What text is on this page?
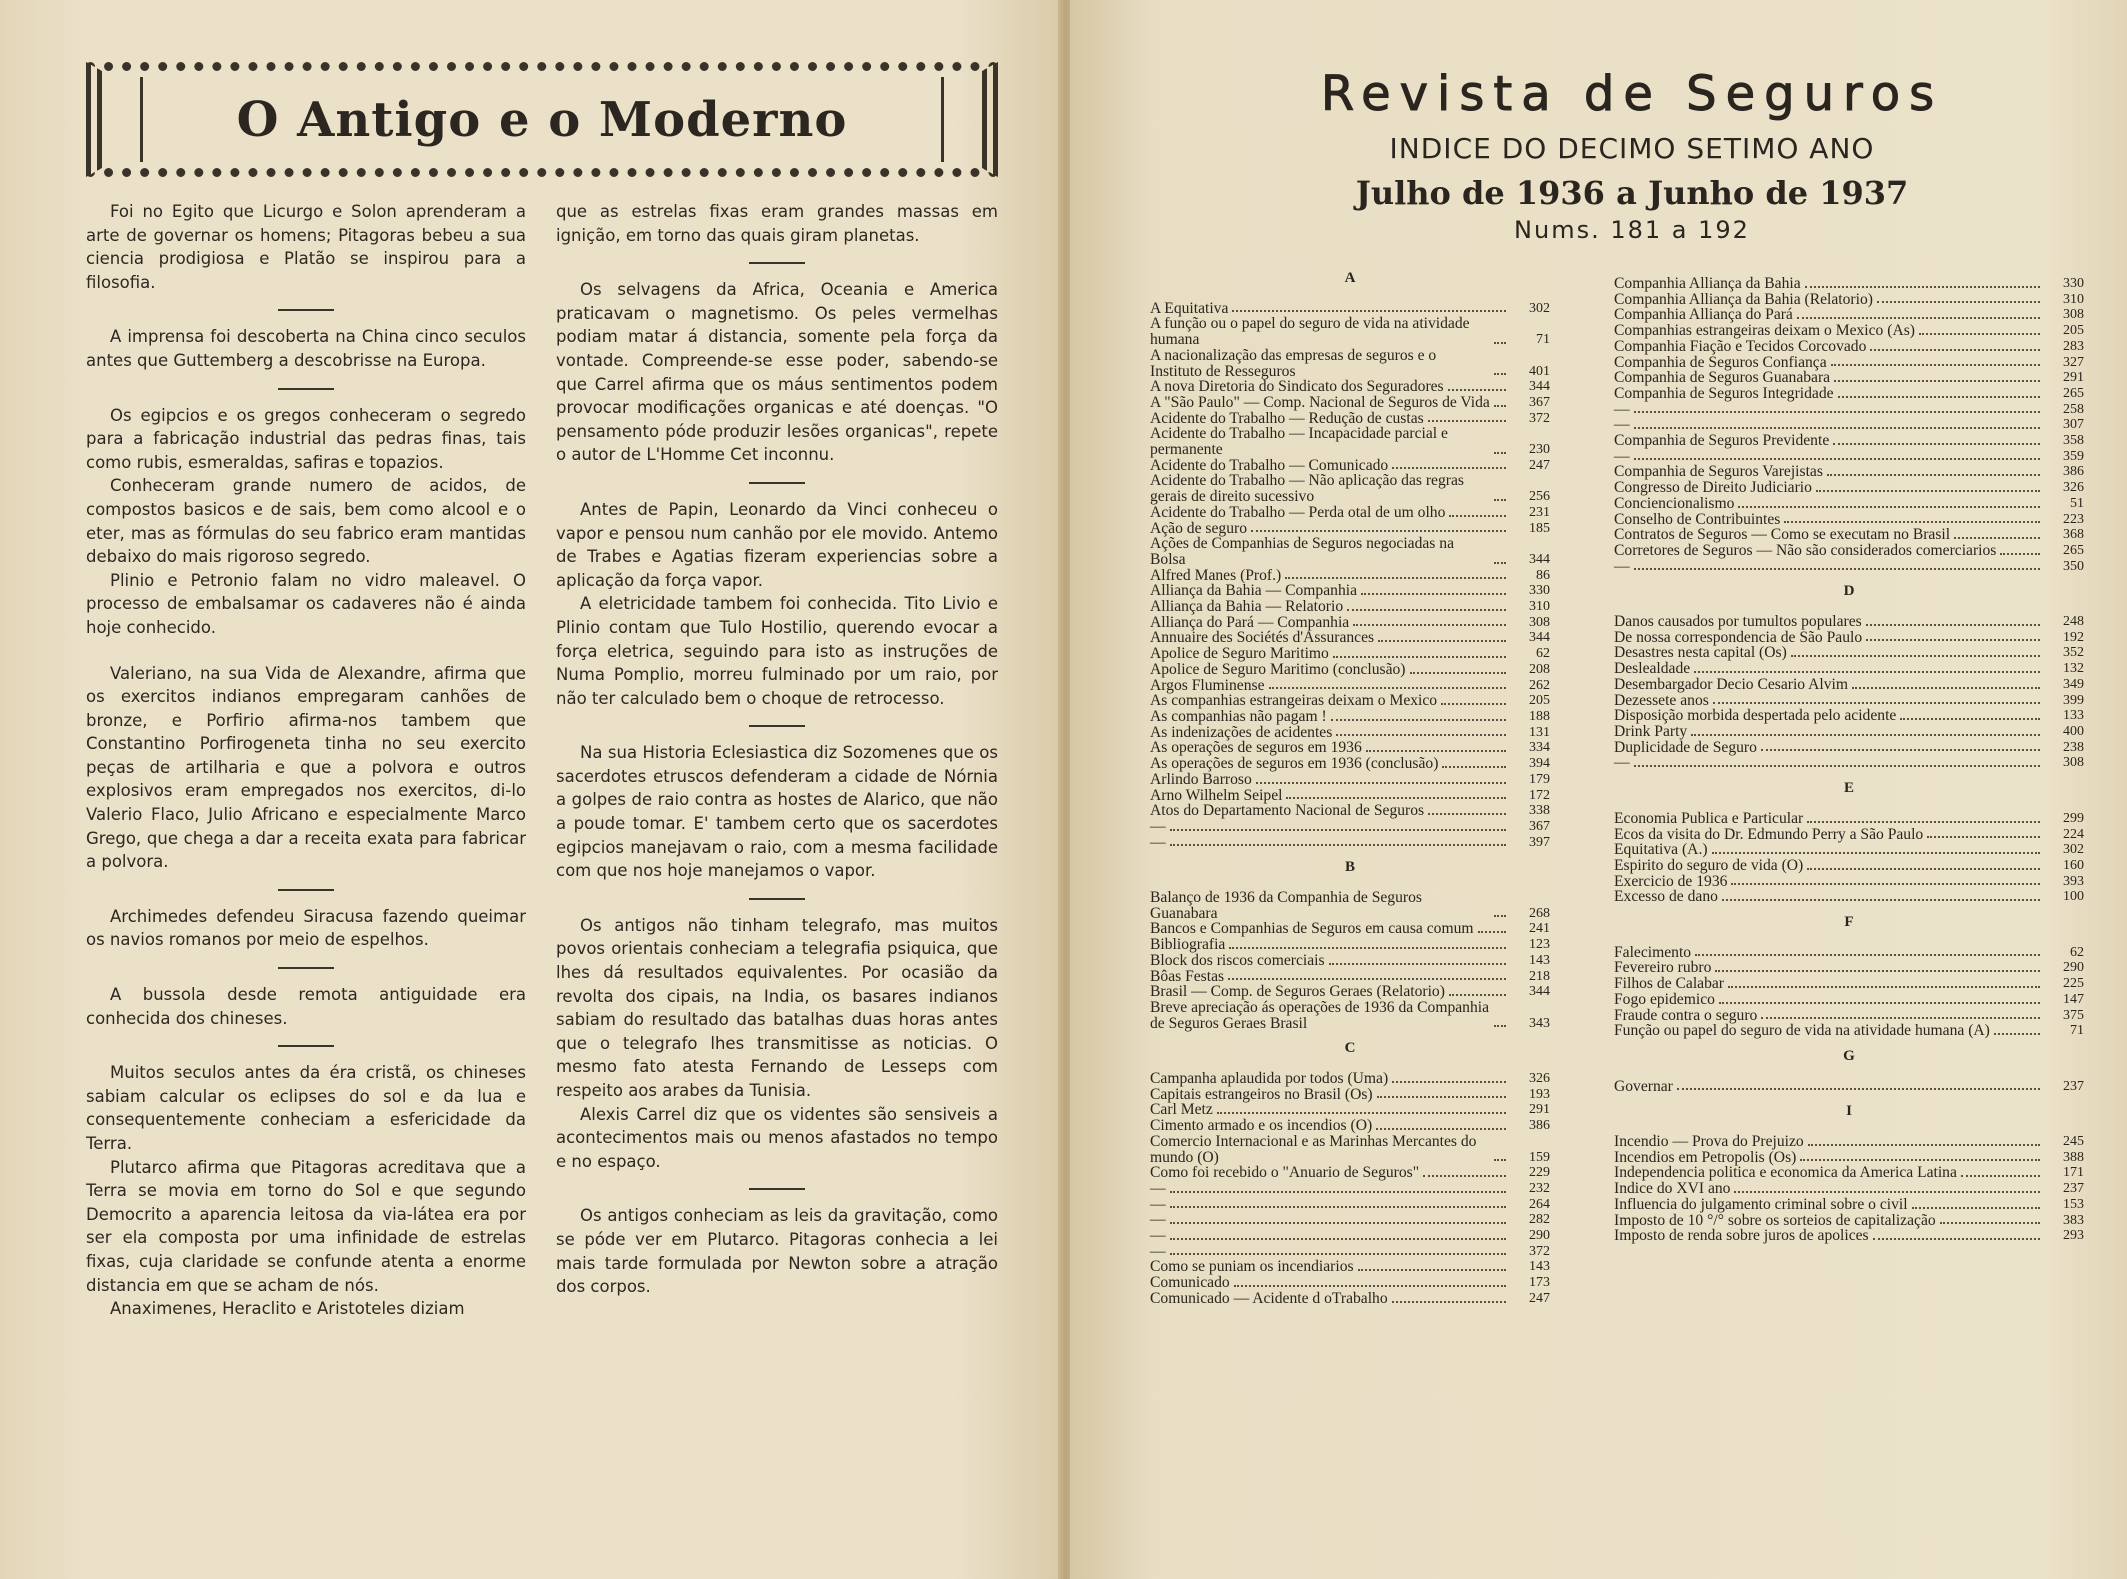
O Antigo e o Moderno

Foi no Egito que Licurgo e Solon aprenderam a arte de governar os homens; Pitagoras bebeu a sua ciencia prodigiosa e Platão se inspirou para a filosofia.

A imprensa foi descoberta na China cinco seculos antes que Guttemberg a descobrisse na Europa.

Os egipcios e os gregos conheceram o segredo para a fabricação industrial das pedras finas, tais como rubis, esmeraldas, safiras e topazios.

Conheceram grande numero de acidos, de compostos basicos e de sais, bem como alcool e o eter, mas as fórmulas do seu fabrico eram mantidas debaixo do mais rigoroso segredo.

Plinio e Petronio falam no vidro maleavel. O processo de embalsamar os cadaveres não é ainda hoje conhecido.

Valeriano, na sua Vida de Alexandre, afirma que os exercitos indianos empregaram canhões de bronze, e Porfirio afirma-nos tambem que Constantino Porfirogeneta tinha no seu exercito peças de artilharia e que a polvora e outros explosivos eram empregados nos exercitos, di-lo Valerio Flaco, Julio Africano e especialmente Marco Grego, que chega a dar a receita exata para fabricar a polvora.

Archimedes defendeu Siracusa fazendo queimar os navios romanos por meio de espelhos.

A bussola desde remota antiguidade era conhecida dos chineses.

Muitos seculos antes da éra cristã, os chineses sabiam calcular os eclipses do sol e da lua e consequentemente conheciam a esfericidade da Terra.

Plutarco afirma que Pitagoras acreditava que a Terra se movia em torno do Sol e que segundo Democrito a aparencia leitosa da via-látea era por ser ela composta por uma infinidade de estrelas fixas, cuja claridade se confunde atenta a enorme distancia em que se acham de nós.

Anaximenes, Heraclito e Aristoteles diziam

que as estrelas fixas eram grandes massas em ignição, em torno das quais giram planetas.

Os selvagens da Africa, Oceania e America praticavam o magnetismo. Os peles vermelhas podiam matar á distancia, somente pela força da vontade. Compreende-se esse poder, sabendo-se que Carrel afirma que os máus sentimentos podem provocar modificações organicas e até doenças. "O pensamento póde produzir lesões organicas", repete o autor de L'Homme Cet inconnu.

Antes de Papin, Leonardo da Vinci conheceu o vapor e pensou num canhão por ele movido. Antemo de Trabes e Agatias fizeram experiencias sobre a aplicação da força vapor.

A eletricidade tambem foi conhecida. Tito Livio e Plinio contam que Tulo Hostilio, querendo evocar a força eletrica, seguindo para isto as instruções de Numa Pomplio, morreu fulminado por um raio, por não ter calculado bem o choque de retrocesso.

Na sua Historia Eclesiastica diz Sozomenes que os sacerdotes etruscos defenderam a cidade de Nórnia a golpes de raio contra as hostes de Alarico, que não a poude tomar. E' tambem certo que os sacerdotes egipcios manejavam o raio, com a mesma facilidade com que nos hoje manejamos o vapor.

Os antigos não tinham telegrafo, mas muitos povos orientais conheciam a telegrafia psiquica, que lhes dá resultados equivalentes. Por ocasião da revolta dos cipais, na India, os basares indianos sabiam do resultado das batalhas duas horas antes que o telegrafo lhes transmitisse as noticias. O mesmo fato atesta Fernando de Lesseps com respeito aos arabes da Tunisia.

Alexis Carrel diz que os videntes são sensiveis a acontecimentos mais ou menos afastados no tempo e no espaço.

Os antigos conheciam as leis da gravitação, como se póde ver em Plutarco. Pitagoras conhecia a lei mais tarde formulada por Newton sobre a atração dos corpos.

Revista de Seguros
INDICE DO DECIMO SETIMO ANO
Julho de 1936 a Junho de 1937
Nums. 181 a 192
A
A Equitativa	302
A função ou o papel do seguro de vida na atividade humana	71
A nacionalização das empresas de seguros e o Instituto de Resseguros	401
A nova Diretoria do Sindicato dos Seguradores	344
A "São Paulo" — Comp. Nacional de Seguros de Vida	367
Acidente do Trabalho — Redução de custas	372
Acidente do Trabalho — Incapacidade parcial e permanente	230
Acidente do Trabalho — Comunicado	247
Acidente do Trabalho — Não aplicação das regras gerais de direito sucessivo	256
Acidente do Trabalho — Perda otal de um olho	231
Ação de seguro	185
Ações de Companhias de Seguros negociadas na Bolsa	344
Alfred Manes (Prof.)	86
Alliança da Bahia — Companhia	330
Alliança da Bahia — Relatorio	310
Alliança do Pará — Companhia	308
Annuaire des Sociétés d'Assurances	344
Apolice de Seguro Maritimo	62
Apolice de Seguro Maritimo (conclusão)	208
Argos Fluminense	262
As companhias estrangeiras deixam o Mexico	205
As companhias não pagam !	188
As indenizações de acidentes	131
As operações de seguros em 1936	334
As operações de seguros em 1936 (conclusão)	394
Arlindo Barroso	179
Arno Wilhelm Seipel	172
Atos do Departamento Nacional de Seguros	338
—	367
—	397
B
Balanço de 1936 da Companhia de Seguros Guanabara	268
Bancos e Companhias de Seguros em causa comum	241
Bibliografia	123
Block dos riscos comerciais	143
Bôas Festas	218
Brasil — Comp. de Seguros Geraes (Relatorio)	344
Breve apreciação ás operações de 1936 da Companhia de Seguros Geraes Brasil	343
C
Campanha aplaudida por todos (Uma)	326
Capitais estrangeiros no Brasil (Os)	193
Carl Metz	291
Cimento armado e os incendios (O)	386
Comercio Internacional e as Marinhas Mercantes do mundo (O)	159
Como foi recebido o "Anuario de Seguros"	229
—	232
—	264
—	282
—	290
—	372
Como se puniam os incendiarios	143
Comunicado	173
Comunicado — Acidente d oTrabalho	247
Companhia Alliança da Bahia	330
Companhia Alliança da Bahia (Relatorio)	310
Companhia Alliança do Pará	308
Companhias estrangeiras deixam o Mexico (As)	205
Companhia Fiação e Tecidos Corcovado	283
Companhia de Seguros Confiança	327
Companhia de Seguros Guanabara	291
Companhia de Seguros Integridade	265
—	258
—	307
Companhia de Seguros Previdente	358
—	359
Companhia de Seguros Varejistas	386
Congresso de Direito Judiciario	326
Conciencionalismo	51
Conselho de Contribuintes	223
Contratos de Seguros — Como se executam no Brasil	368
Corretores de Seguros — Não são considerados comerciarios	265
—	350
D
Danos causados por tumultos populares	248
De nossa correspondencia de São Paulo	192
Desastres nesta capital (Os)	352
Deslealdade	132
Desembargador Decio Cesario Alvim	349
Dezessete anos	399
Disposição morbida despertada pelo acidente	133
Drink Party	400
Duplicidade de Seguro	238
—	308
E
Economia Publica e Particular	299
Ecos da visita do Dr. Edmundo Perry a São Paulo	224
Equitativa (A.)	302
Espirito do seguro de vida (O)	160
Exercicio de 1936	393
Excesso de dano	100
F
Falecimento	62
Fevereiro rubro	290
Filhos de Calabar	225
Fogo epidemico	147
Fraude contra o seguro	375
Função ou papel do seguro de vida na atividade humana (A)	71
G
Governar	237
I
Incendio — Prova do Prejuizo	245
Incendios em Petropolis (Os)	388
Independencia politica e economica da America Latina	171
Indice do XVI ano	237
Influencia do julgamento criminal sobre o civil	153
Imposto de 10 °/° sobre os sorteios de capitalização	383
Imposto de renda sobre juros de apolices	293
